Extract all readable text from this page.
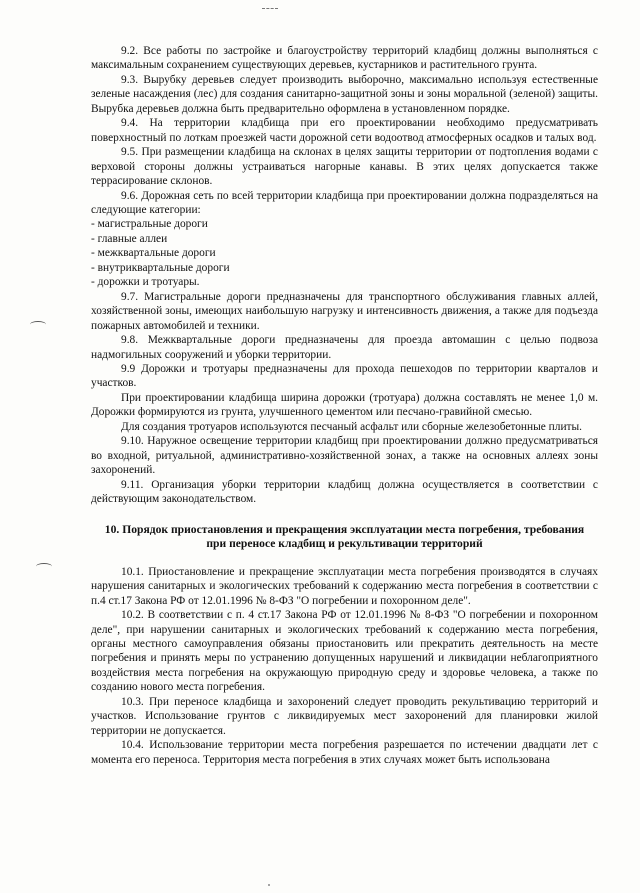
9.2. Все работы по застройке и благоустройству территорий кладбищ должны выполняться с максимальным сохранением существующих деревьев, кустарников и растительного грунта.

9.3. Вырубку деревьев следует производить выборочно, максимально используя естественные зеленые насаждения (лес) для создания санитарно-защитной зоны и зоны моральной (зеленой) защиты. Вырубка деревьев должна быть предварительно оформлена в установленном порядке.

9.4. На территории кладбища при его проектировании необходимо предусматривать поверхностный по лоткам проезжей части дорожной сети водоотвод атмосферных осадков и талых вод.

9.5. При размещении кладбища на склонах в целях защиты территории от подтопления водами с верховой стороны должны устраиваться нагорные канавы. В этих целях допускается также террасирование склонов.

9.6. Дорожная сеть по всей территории кладбища при проектировании должна подразделяться на следующие категории:

- магистральные дороги

- главные аллеи

- межквартальные дороги

- внутриквартальные дороги

- дорожки и тротуары.

9.7. Магистральные дороги предназначены для транспортного обслуживания главных аллей, хозяйственной зоны, имеющих наибольшую нагрузку и интенсивность движения, а также для подъезда пожарных автомобилей и техники.

9.8. Межквартальные дороги предназначены для проезда автомашин с целью подвоза надмогильных сооружений и уборки территории.

9.9 Дорожки и тротуары предназначены для прохода пешеходов по территории кварталов и участков.

При проектировании кладбища ширина дорожки (тротуара) должна составлять не менее 1,0 м. Дорожки формируются из грунта, улучшенного цементом или песчано-гравийной смесью.

Для создания тротуаров используются песчаный асфальт или сборные железобетонные плиты.

9.10. Наружное освещение территории кладбищ при проектировании должно предусматриваться во входной, ритуальной, административно-хозяйственной зонах, а также на основных аллеях зоны захоронений.

9.11. Организация уборки территории кладбищ должна осуществляется в соответствии с действующим законодательством.

10. Порядок приостановления и прекращения эксплуатации места погребения, требования при переносе кладбищ и рекультивации территорий

10.1. Приостановление и прекращение эксплуатации места погребения производятся в случаях нарушения санитарных и экологических требований к содержанию места погребения в соответствии с п.4 ст.17 Закона РФ от 12.01.1996 № 8-ФЗ "О погребении и похоронном деле".

10.2. В соответствии с п. 4 ст.17 Закона РФ от 12.01.1996 № 8-ФЗ "О погребении и похоронном деле", при нарушении санитарных и экологических требований к содержанию места погребения, органы местного самоуправления обязаны приостановить или прекратить деятельность на месте погребения и принять меры по устранению допущенных нарушений и ликвидации неблагоприятного воздействия места погребения на окружающую природную среду и здоровье человека, а также по созданию нового места погребения.

10.3. При переносе кладбища и захоронений следует проводить рекультивацию территорий и участков. Использование грунтов с ликвидируемых мест захоронений для планировки жилой территории не допускается.

10.4. Использование территории места погребения разрешается по истечении двадцати лет с момента его переноса. Территория места погребения в этих случаях может быть использована
